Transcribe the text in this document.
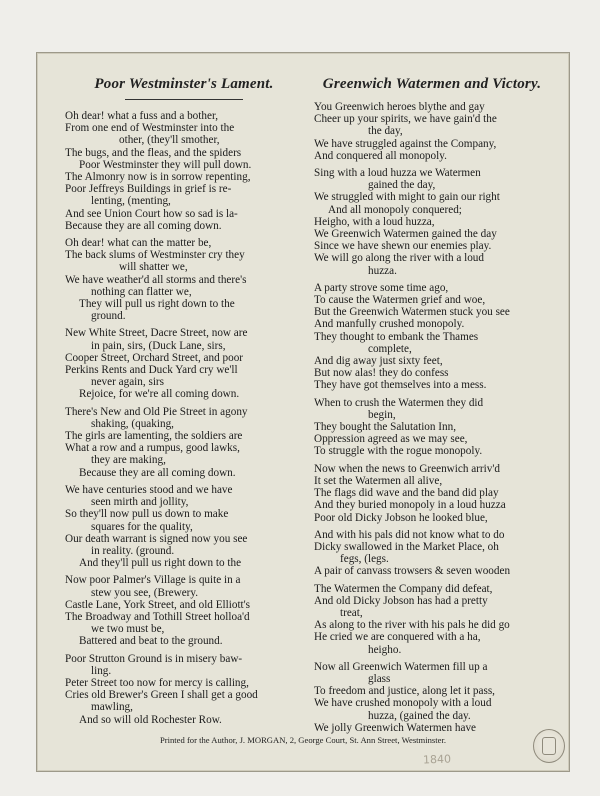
Poor Westminster's Lament.
Oh dear! what a fuss and a bother,
From one end of Westminster into the
other, (they'll smother,
The bugs, and the fleas, and the spiders
Poor Westminster they will pull down.
The Almonry now is in sorrow repenting,
Poor Jeffreys Buildings in grief is re-
lenting, (menting,
And see Union Court how so sad is la-
Because they are all coming down.
Oh dear! what can the matter be,
The back slums of Westminster cry they
will shatter we,
We have weather'd all storms and there's
nothing can flatter we,
They will pull us right down to the
ground.
New White Street, Dacre Street, now are
in pain, sirs, (Duck Lane, sirs,
Cooper Street, Orchard Street, and poor
Perkins Rents and Duck Yard cry we'll
never again, sirs
Rejoice, for we're all coming down.
There's New and Old Pie Street in agony
shaking, (quaking,
The girls are lamenting, the soldiers are
What a row and a rumpus, good lawks,
they are making,
Because they are all coming down.
We have centuries stood and we have
seen mirth and jollity,
So they'll now pull us down to make
squares for the quality,
Our death warrant is signed now you see
in reality. (ground.
And they'll pull us right down to the
Now poor Palmer's Village is quite in a
stew you see, (Brewery.
Castle Lane, York Street, and old Elliott's
The Broadway and Tothill Street holloa'd
we two must be,
Battered and beat to the ground.
Poor Strutton Ground is in misery baw-
ling.
Peter Street too now for mercy is calling,
Cries old Brewer's Green I shall get a good
mawling,
And so will old Rochester Row.
Greenwich Watermen and Victory.
You Greenwich heroes blythe and gay
Cheer up your spirits, we have gain'd the
the day,
We have struggled against the Company,
And conquered all monopoly.
Sing with a loud huzza we Watermen
gained the day,
We struggled with might to gain our right
And all monopoly conquered;
Heigho, with a loud huzza,
We Greenwich Watermen gained the day
Since we have shewn our enemies play.
We will go along the river with a loud
huzza.
A party strove some time ago,
To cause the Watermen grief and woe,
But the Greenwich Watermen stuck you see
And manfully crushed monopoly.
They thought to embank the Thames
complete,
And dig away just sixty feet,
But now alas! they do confess
They have got themselves into a mess.
When to crush the Watermen they did
begin,
They bought the Salutation Inn,
Oppression agreed as we may see,
To struggle with the rogue monopoly.
Now when the news to Greenwich arriv'd
It set the Watermen all alive,
The flags did wave and the band did play
And they buried monopoly in a loud huzza
Poor old Dicky Jobson he looked blue,
And with his pals did not know what to do
Dicky swallowed in the Market Place, oh
fegs, (legs.
A pair of canvass trowsers & seven wooden
The Watermen the Company did defeat,
And old Dicky Jobson has had a pretty
treat,
As along to the river with his pals he did go
He cried we are conquered with a ha,
heigho.
Now all Greenwich Watermen fill up a
glass
To freedom and justice, along let it pass,
We have crushed monopoly with a loud
huzza, (gained the day.
We jolly Greenwich Watermen have
Printed for the Author, J. MORGAN, 2, George Court, St. Ann Street, Westminster.
1840
